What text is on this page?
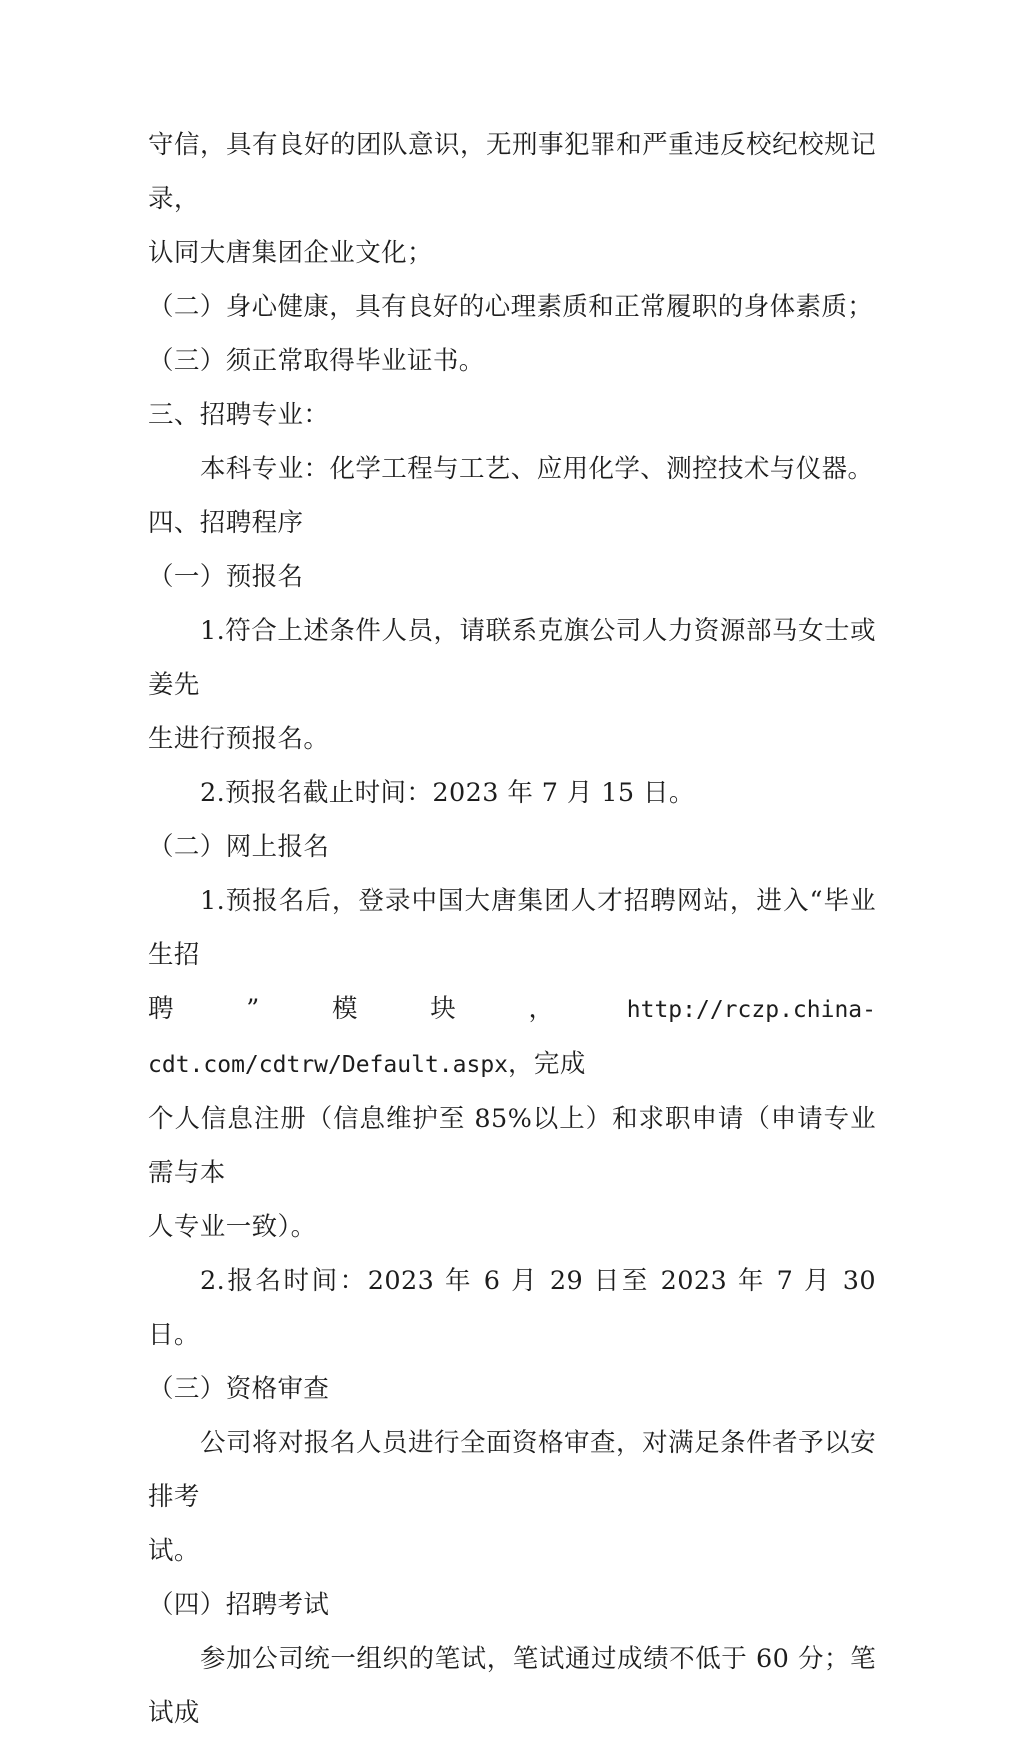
守信，具有良好的团队意识，无刑事犯罪和严重违反校纪校规记录，

认同大唐集团企业文化；

（二）身心健康，具有良好的心理素质和正常履职的身体素质；

（三）须正常取得毕业证书。

三、招聘专业：

本科专业：化学工程与工艺、应用化学、测控技术与仪器。

四、招聘程序
（一）预报名

1.符合上述条件人员，请联系克旗公司人力资源部马女士或姜先

生进行预报名。

2.预报名截止时间：2023 年 7 月 15 日。

（二）网上报名

1.预报名后，登录中国大唐集团人才招聘网站，进入“毕业生招

聘”模块，http://rczp.china-cdt.com/cdtrw/Default.aspx，完成

个人信息注册（信息维护至 85%以上）和求职申请（申请专业需与本

人专业一致）。

2.报名时间：2023 年 6 月 29 日至 2023 年 7 月 30 日。

（三）资格审查

公司将对报名人员进行全面资格审查，对满足条件者予以安排考

试。

（四）招聘考试

参加公司统一组织的笔试，笔试通过成绩不低于 60 分；笔试成
